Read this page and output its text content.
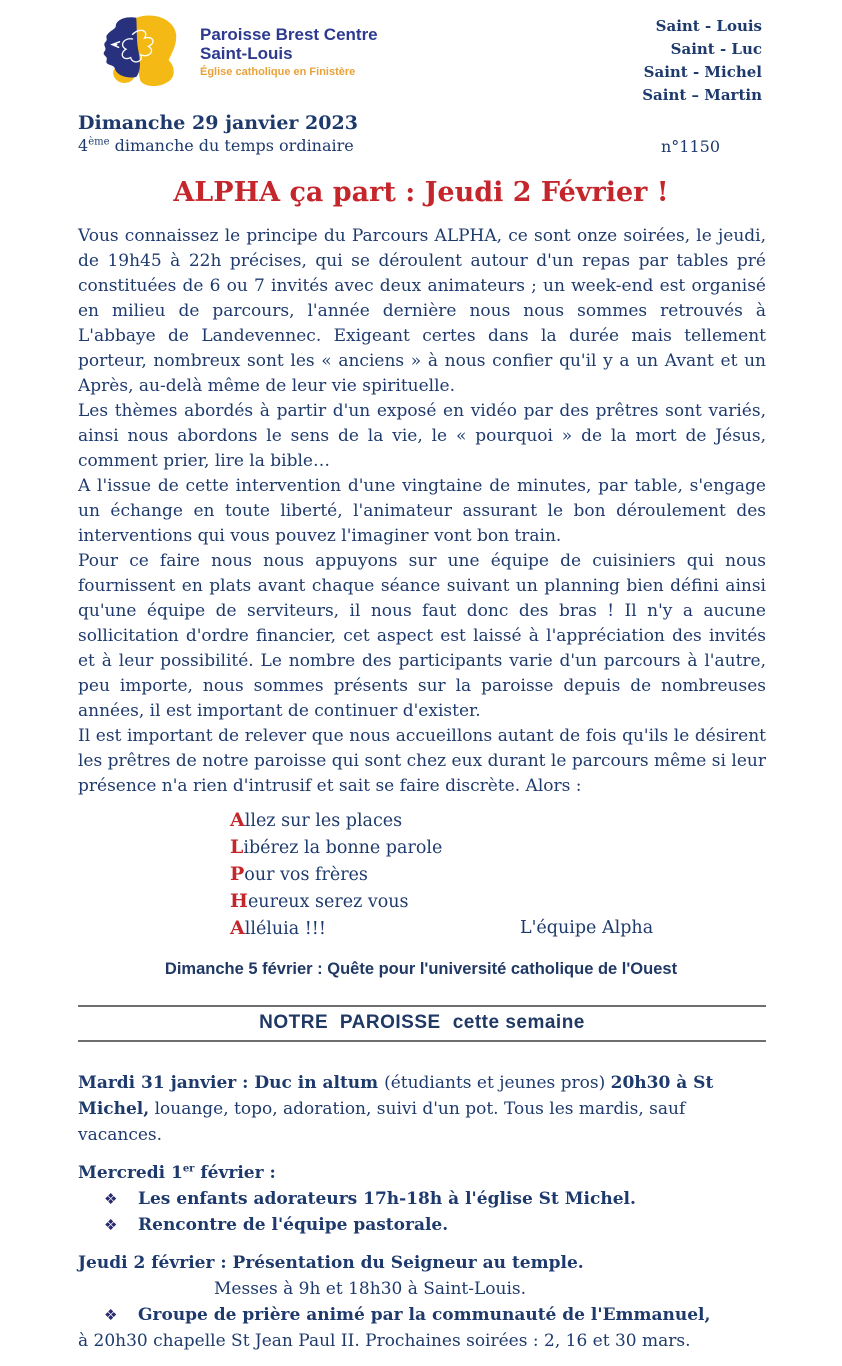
Paroisse Brest Centre
Saint-Louis
Église catholique en Finistère
Saint - Louis
Saint - Luc
Saint - Michel
Saint – Martin
Dimanche 29 janvier 2023
4ème dimanche du temps ordinaire	n°1150
ALPHA ça part : Jeudi 2 Février !

Vous connaissez le principe du Parcours ALPHA, ce sont onze soirées, le jeudi, de 19h45 à 22h précises, qui se déroulent autour d'un repas par tables pré constituées de 6 ou 7 invités avec deux animateurs ; un week-end est organisé en milieu de parcours, l'année dernière nous nous sommes retrouvés à L'abbaye de Landevennec. Exigeant certes dans la durée mais tellement porteur, nombreux sont les « anciens » à nous confier qu'il y a un Avant et un Après, au-delà même de leur vie spirituelle.

Les thèmes abordés à partir d'un exposé en vidéo par des prêtres sont variés, ainsi nous abordons le sens de la vie, le « pourquoi » de la mort de Jésus, comment prier, lire la bible…

A l'issue de cette intervention d'une vingtaine de minutes, par table, s'engage un échange en toute liberté, l'animateur assurant le bon déroulement des interventions qui vous pouvez l'imaginer vont bon train.

Pour ce faire nous nous appuyons sur une équipe de cuisiniers qui nous fournissent en plats avant chaque séance suivant un planning bien défini ainsi qu'une équipe de serviteurs, il nous faut donc des bras ! Il n'y a aucune sollicitation d'ordre financier, cet aspect est laissé à l'appréciation des invités et à leur possibilité. Le nombre des participants varie d'un parcours à l'autre, peu importe, nous sommes présents sur la paroisse depuis de nombreuses années, il est important de continuer d'exister.

Il est important de relever que nous accueillons autant de fois qu'ils le désirent les prêtres de notre paroisse qui sont chez eux durant le parcours même si leur présence n'a rien d'intrusif et sait se faire discrète. Alors :

Allez sur les places
Libérez la bonne parole
Pour vos frères
Heureux serez vous
Alléluia !!!	L'équipe Alpha
Dimanche 5 février : Quête pour l'université catholique de l'Ouest
NOTRE PAROISSE cette semaine
Mardi 31 janvier : Duc in altum (étudiants et jeunes pros) 20h30 à St Michel, louange, topo, adoration, suivi d'un pot. Tous les mardis, sauf vacances.
Mercredi 1er février :
❖	Les enfants adorateurs 17h-18h à l'église St Michel.
❖	Rencontre de l'équipe pastorale.
Jeudi 2 février : Présentation du Seigneur au temple.
Messes à 9h et 18h30 à Saint-Louis.
❖	Groupe de prière animé par la communauté de l'Emmanuel,
à 20h30 chapelle St Jean Paul II. Prochaines soirées : 2, 16 et 30 mars.
